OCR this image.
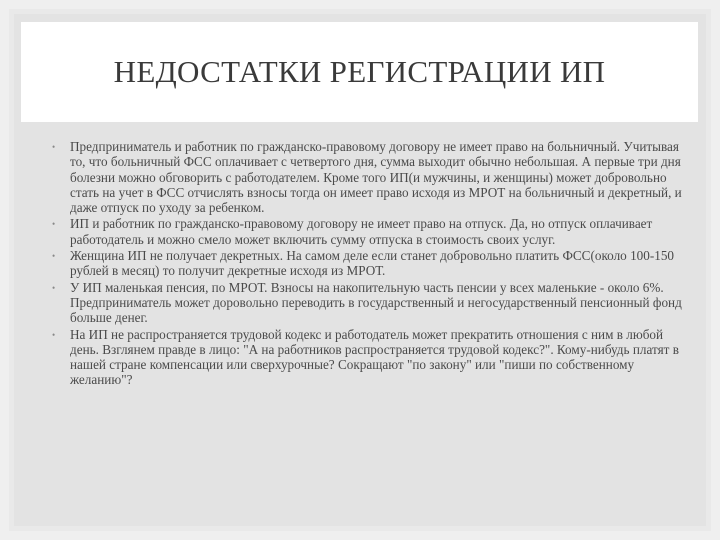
НЕДОСТАТКИ РЕГИСТРАЦИИ ИП
• Предприниматель и работник по гражданско-правовому договору не имеет право на больничный. Учитывая то, что больничный ФСС оплачивает с четвертого дня, сумма выходит обычно небольшая. А первые три дня болезни можно обговорить с работодателем. Кроме того ИП(и мужчины, и женщины) может добровольно стать на учет в ФСС отчислять взносы тогда он имеет право исходя из МРОТ на больничный и декретный, и даже отпуск по уходу за ребенком.
• ИП и работник по гражданско-правовому договору не имеет право на отпуск. Да, но отпуск оплачивает работодатель и можно смело может включить сумму отпуска в стоимость своих услуг.
• Женщина ИП не получает декретных. На самом деле если станет добровольно платить ФСС(около 100-150 рублей в месяц) то получит декретные исходя из МРОТ.
• У ИП маленькая пенсия, по МРОТ. Взносы на накопительную часть пенсии у всех маленькие - около 6%. Предприниматель может доровольно переводить в государственный и негосударственный пенсионный фонд больше денег.
• На ИП не распространяется трудовой кодекс и работодатель может прекратить отношения с ним в любой день. Взглянем правде в лицо: "А на работников распространяется трудовой кодекс?". Кому-нибудь платят в нашей стране компенсации или сверхурочные? Сокращают "по закону" или "пиши по собственному желанию"?
